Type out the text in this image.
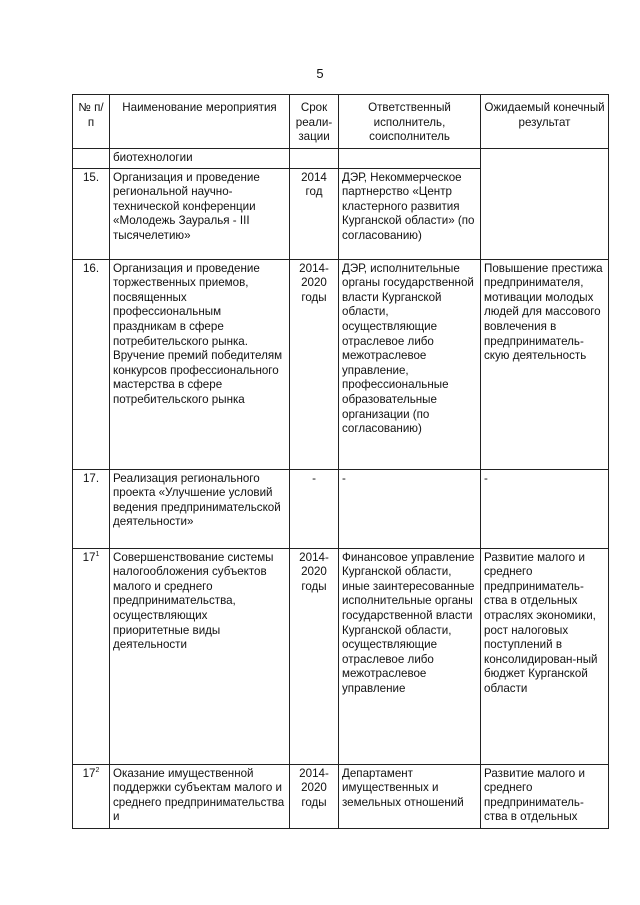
5
№ п/п	Наименование мероприятия	Срок реали-зации	Ответственный исполнитель, соисполнитель	Ожидаемый конечный результат
	биотехнологии			
15.	Организация и проведение региональной научно-технической конференции «Молодежь Зауралья - III тысячелетию»	2014 год	ДЭР, Некоммерческое партнерство «Центр кластерного развития Курганской области» (по согласованию)	
16.	Организация и проведение торжественных приемов, посвященных профессиональным праздникам в сфере потребительского рынка. Вручение премий победителям конкурсов профессионального мастерства в сфере потребительского рынка	2014-2020 годы	ДЭР, исполнительные органы государственной власти Курганской области, осуществляющие отраслевое либо межотраслевое управление, профессиональные образовательные организации (по согласованию)	Повышение престижа предпринимателя, мотивации молодых людей для массового вовлечения в предприниматель-скую деятельность
17.	Реализация регионального проекта «Улучшение условий ведения предпринимательской деятельности»	-	-	-
$17^1$	Совершенствование системы налогообложения субъектов малого и среднего предпринимательства, осуществляющих приоритетные виды деятельности	2014-2020 годы	Финансовое управление Курганской области, иные заинтересованные исполнительные органы государственной власти Курганской области, осуществляющие отраслевое либо межотраслевое управление	Развитие малого и среднего предприниматель-ства в отдельных отраслях экономики, рост налоговых поступлений в консолидирован-ный бюджет Курганской области
$17^2$	Оказание имущественной поддержки субъектам малого и среднего предпринимательства и	2014-2020 годы	Департамент имущественных и земельных отношений	Развитие малого и среднего предприниматель-ства в отдельных
